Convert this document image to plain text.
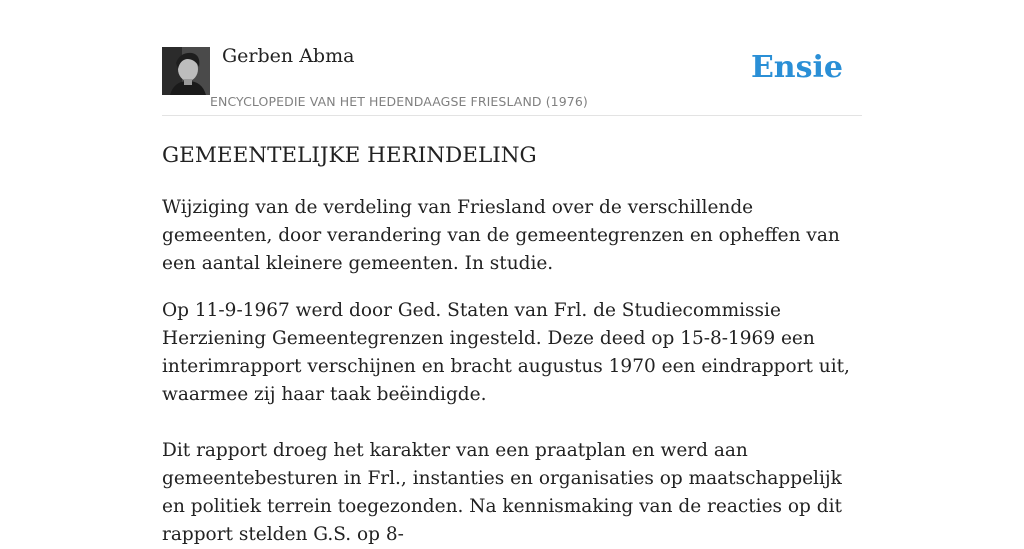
Gerben Abma
ENCYCLOPEDIE VAN HET HEDENDAAGSE FRIESLAND (1976)
Ensie
GEMEENTELIJKE HERINDELING

Wijziging van de verdeling van Friesland over de verschillende gemeenten, door verandering van de gemeentegrenzen en opheffen van een aantal kleinere gemeenten. In studie.

Op 11-9-1967 werd door Ged. Staten van Frl. de Studiecommissie Herziening Gemeentegrenzen ingesteld. Deze deed op 15-8-1969 een interimrapport verschijnen en bracht augustus 1970 een eindrapport uit, waarmee zij haar taak beëindigde.

Dit rapport droeg het karakter van een praatplan en werd aan gemeentebesturen in Frl., instanties en organisaties op maatschappelijk en politiek terrein toegezonden. Na kennismaking van de reacties op dit rapport stelden G.S. op 8-
